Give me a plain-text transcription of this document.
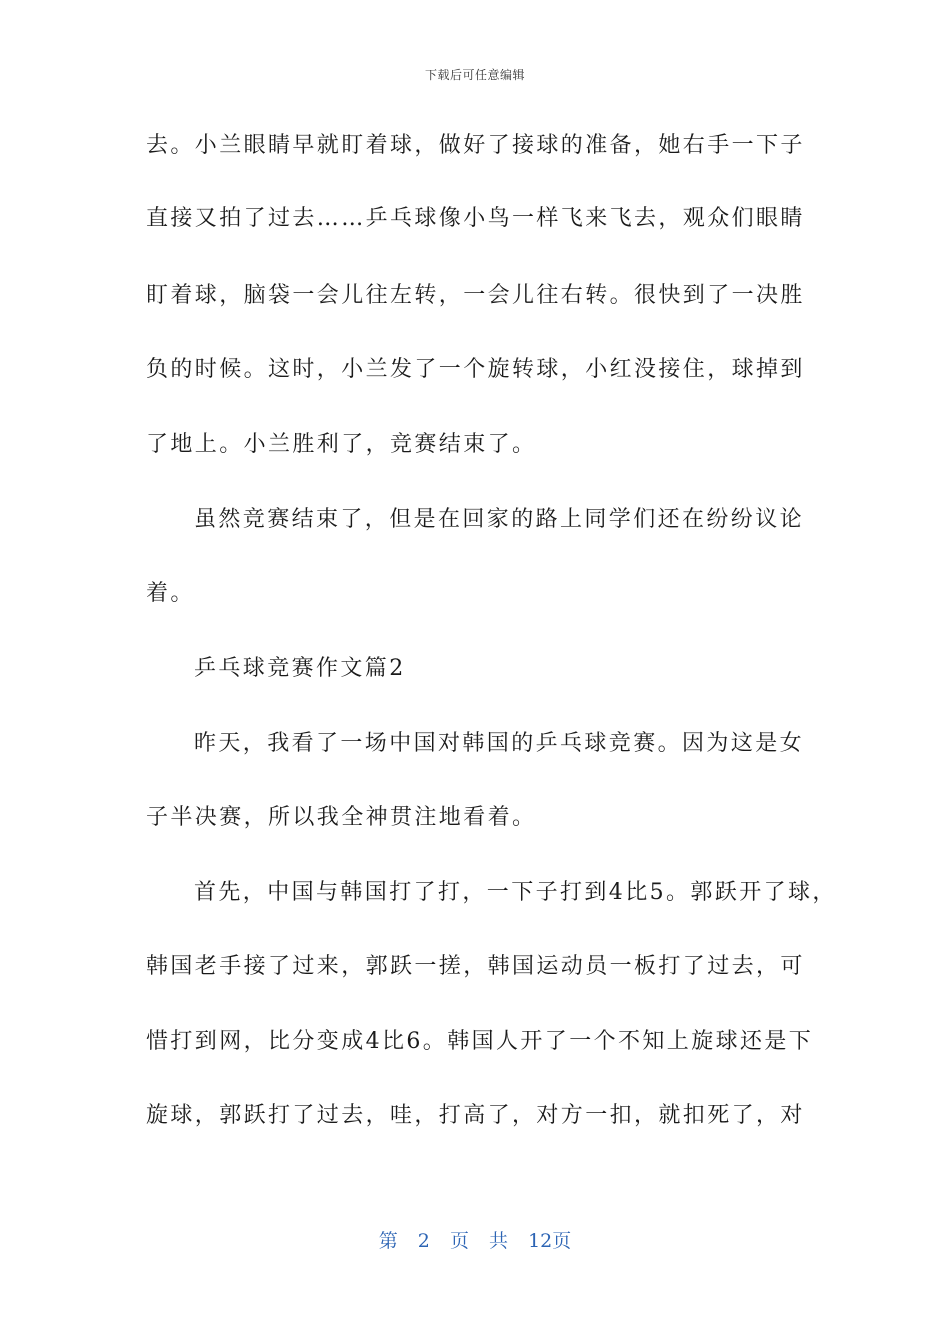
下载后可任意编辑
去。小兰眼睛早就盯着球，做好了接球的准备，她右手一下子
直接又拍了过去……乒乓球像小鸟一样飞来飞去，观众们眼睛
盯着球，脑袋一会儿往左转，一会儿往右转。很快到了一决胜
负的时候。这时，小兰发了一个旋转球，小红没接住，球掉到
了地上。小兰胜利了，竞赛结束了。
虽然竞赛结束了，但是在回家的路上同学们还在纷纷议论
着。
乒乓球竞赛作文篇2
昨天，我看了一场中国对韩国的乒乓球竞赛。因为这是女
子半决赛，所以我全神贯注地看着。
首先，中国与韩国打了打，一下子打到4比5。郭跃开了球，
韩国老手接了过来，郭跃一搓，韩国运动员一板打了过去，可
惜打到网，比分变成4比6。韩国人开了一个不知上旋球还是下
旋球，郭跃打了过去，哇，打高了，对方一扣，就扣死了，对
第 2 页 共 12页
